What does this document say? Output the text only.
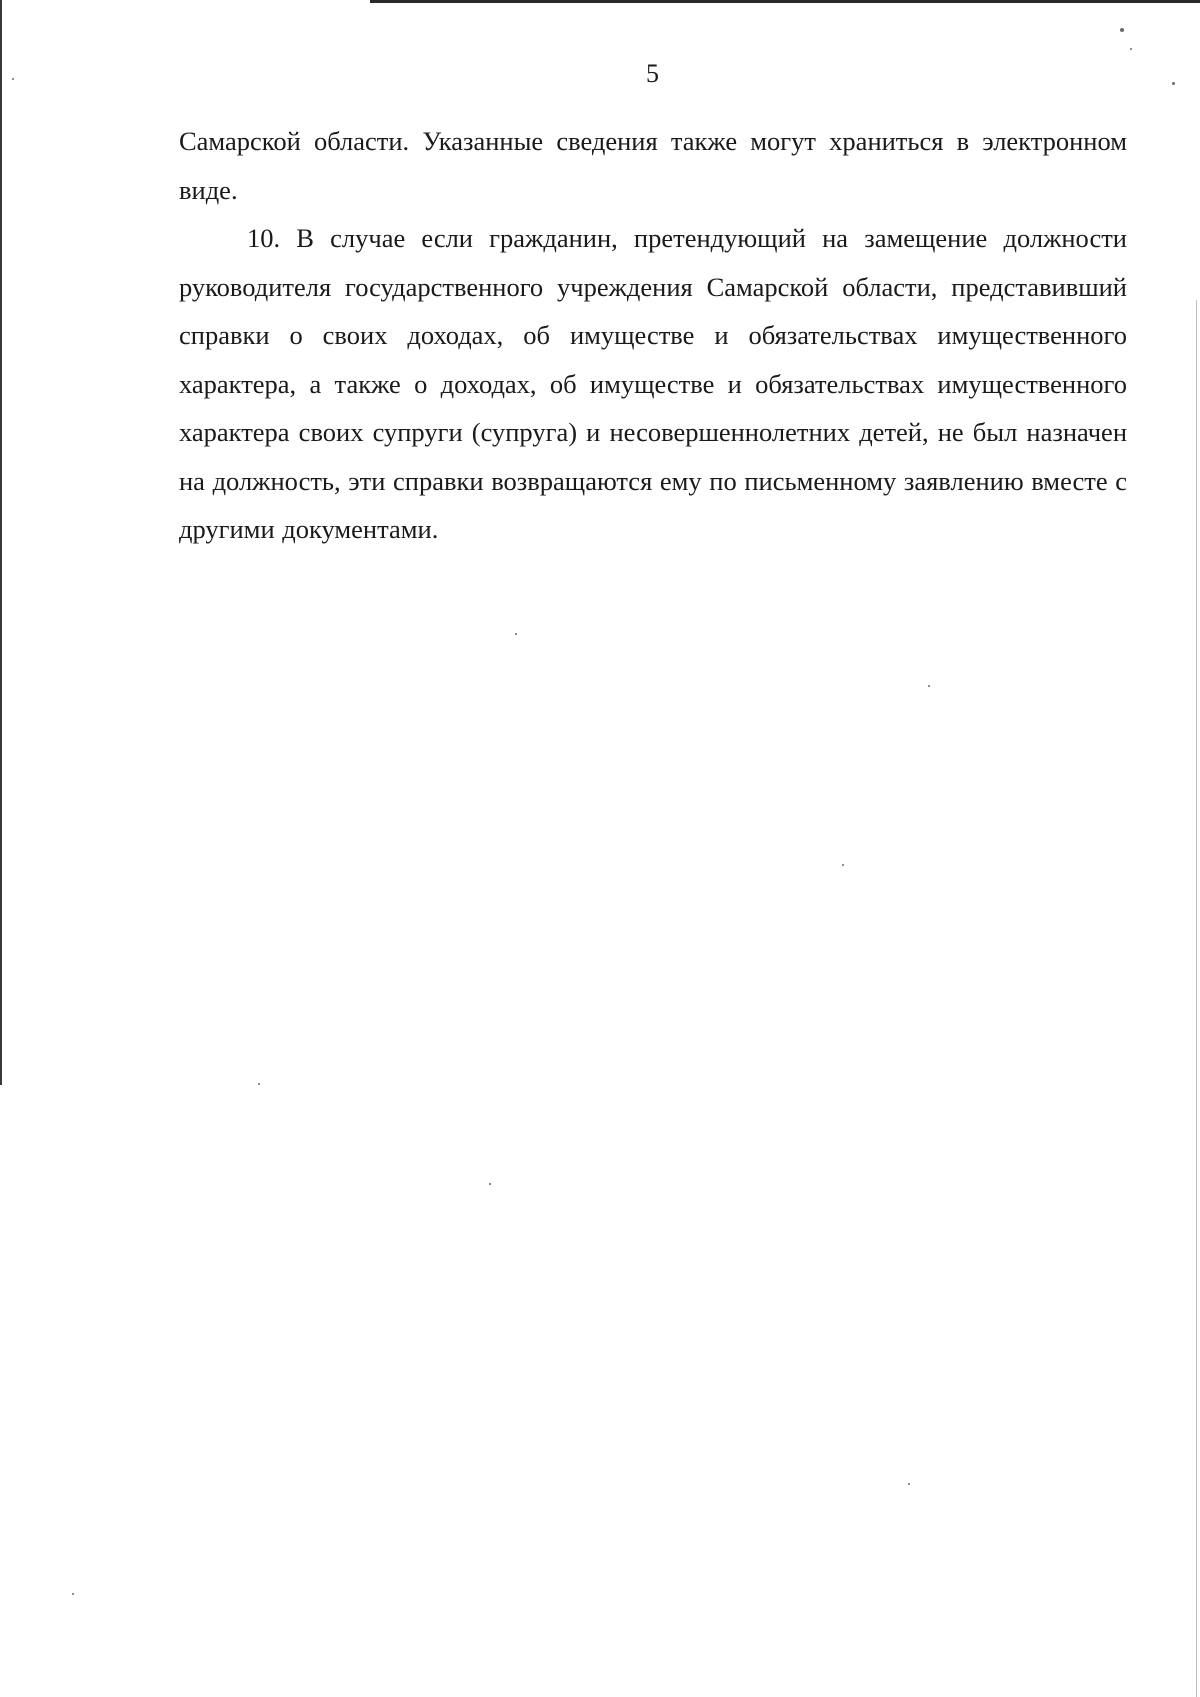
5

Самарской области. Указанные сведения также могут храниться в электронном виде.

10. В случае если гражданин, претендующий на замещение должности руководителя государственного учреждения Самарской области, представивший справки о своих доходах, об имуществе и обязательствах имущественного характера, а также о доходах, об имуществе и обязательствах имущественного характера своих супруги (супруга) и несовершеннолетних детей, не был назначен на должность, эти справки возвращаются ему по письменному заявлению вместе с другими документами.
